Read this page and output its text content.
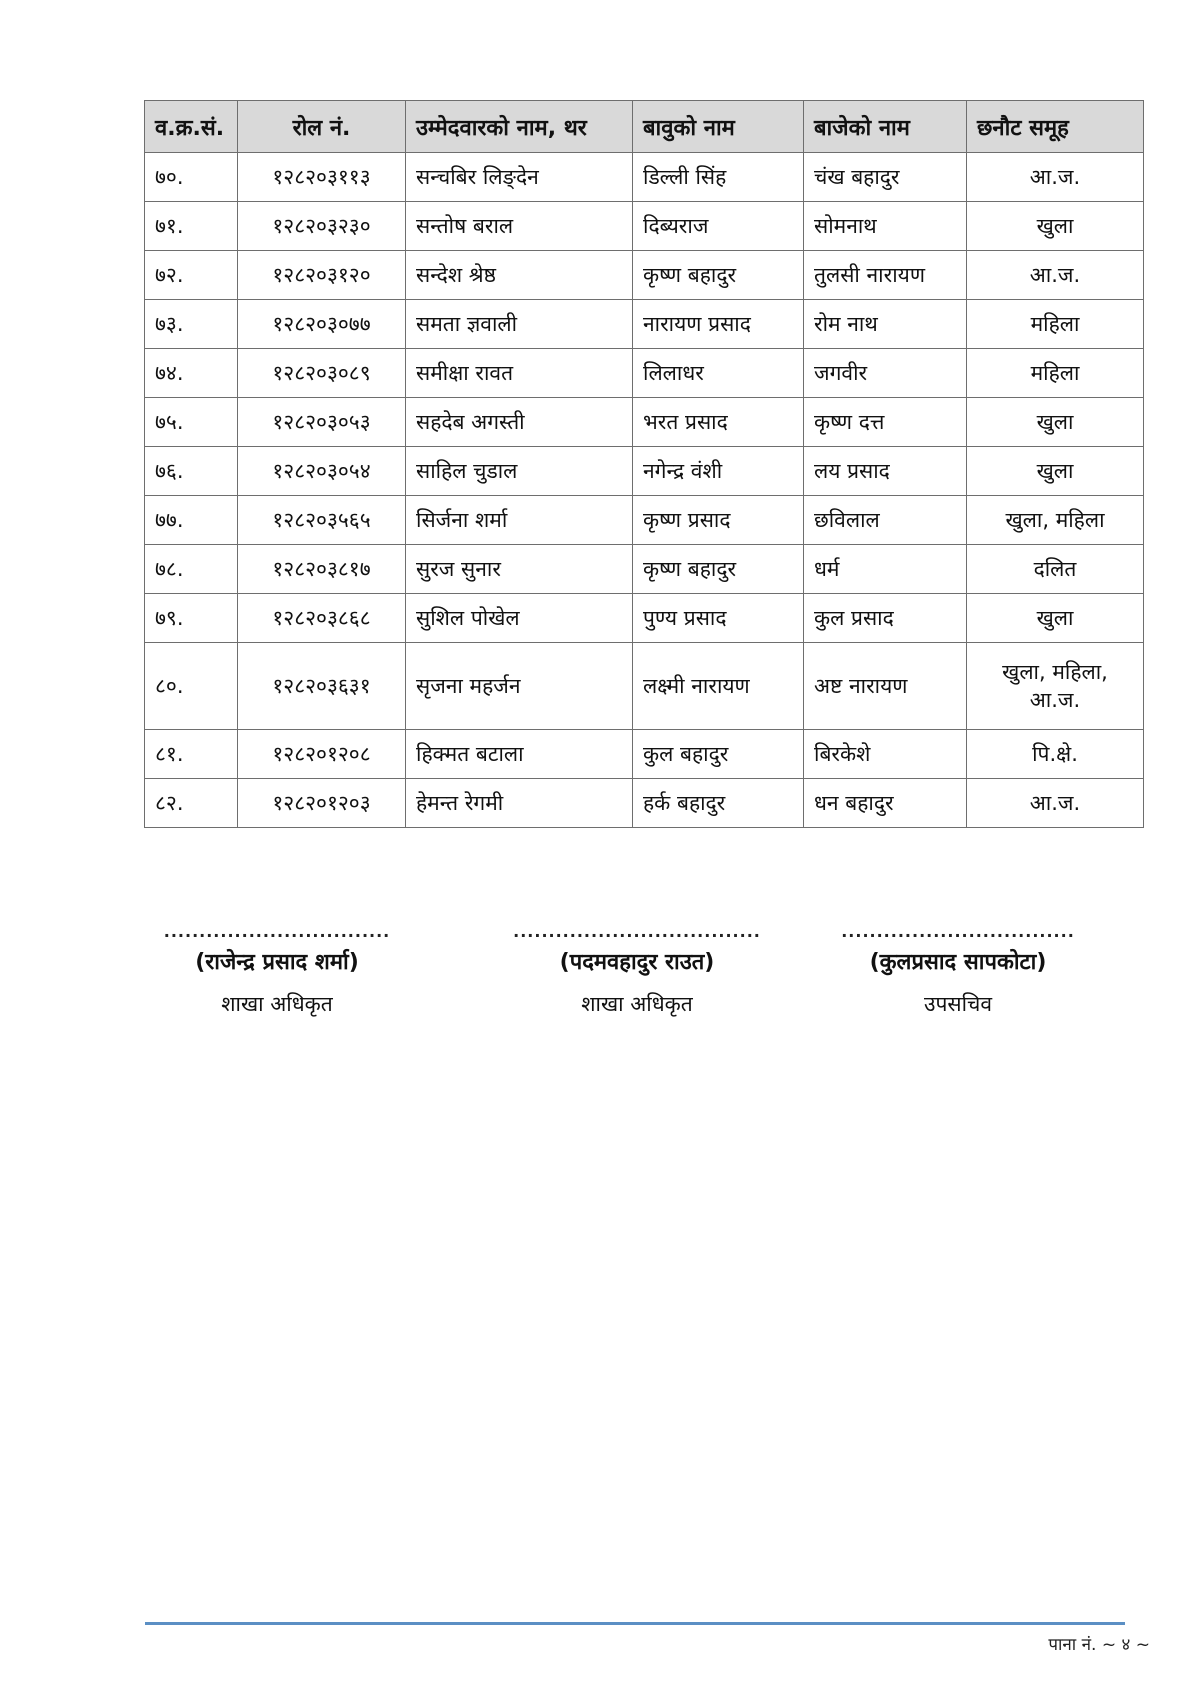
व.क्र.सं.	रोल नं.	उम्मेदवारको नाम, थर	बावुको नाम	बाजेको नाम	छनौट समूह
७०.	१२८२०३११३	सन्चबिर लिङ्देन	डिल्ली सिंह	चंख बहादुर	आ.ज.
७१.	१२८२०३२३०	सन्तोष बराल	दिब्यराज	सोमनाथ	खुला
७२.	१२८२०३१२०	सन्देश श्रेष्ठ	कृष्ण बहादुर	तुलसी नारायण	आ.ज.
७३.	१२८२०३०७७	समता ज्ञवाली	नारायण प्रसाद	रोम नाथ	महिला
७४.	१२८२०३०८९	समीक्षा रावत	लिलाधर	जगवीर	महिला
७५.	१२८२०३०५३	सहदेब अगस्ती	भरत प्रसाद	कृष्ण दत्त	खुला
७६.	१२८२०३०५४	साहिल चुडाल	नगेन्द्र वंशी	लय प्रसाद	खुला
७७.	१२८२०३५६५	सिर्जना शर्मा	कृष्ण प्रसाद	छविलाल	खुला, महिला
७८.	१२८२०३८१७	सुरज सुनार	कृष्ण बहादुर	धर्म	दलित
७९.	१२८२०३८६८	सुशिल पोखेल	पुण्य प्रसाद	कुल प्रसाद	खुला
८०.	१२८२०३६३१	सृजना महर्जन	लक्ष्मी नारायण	अष्ट नारायण	खुला, महिला, आ.ज.
८१.	१२८२०१२०८	हिक्मत बटाला	कुल बहादुर	बिरकेशे	पि.क्षे.
८२.	१२८२०१२०३	हेमन्त रेगमी	हर्क बहादुर	धन बहादुर	आ.ज.
................................
(राजेन्द्र प्रसाद शर्मा)
शाखा अधिकृत
...................................
(पदमवहादुर राउत)
शाखा अधिकृत
.................................
(कुलप्रसाद सापकोटा)
उपसचिव
पाना नं. ~ ४ ~
